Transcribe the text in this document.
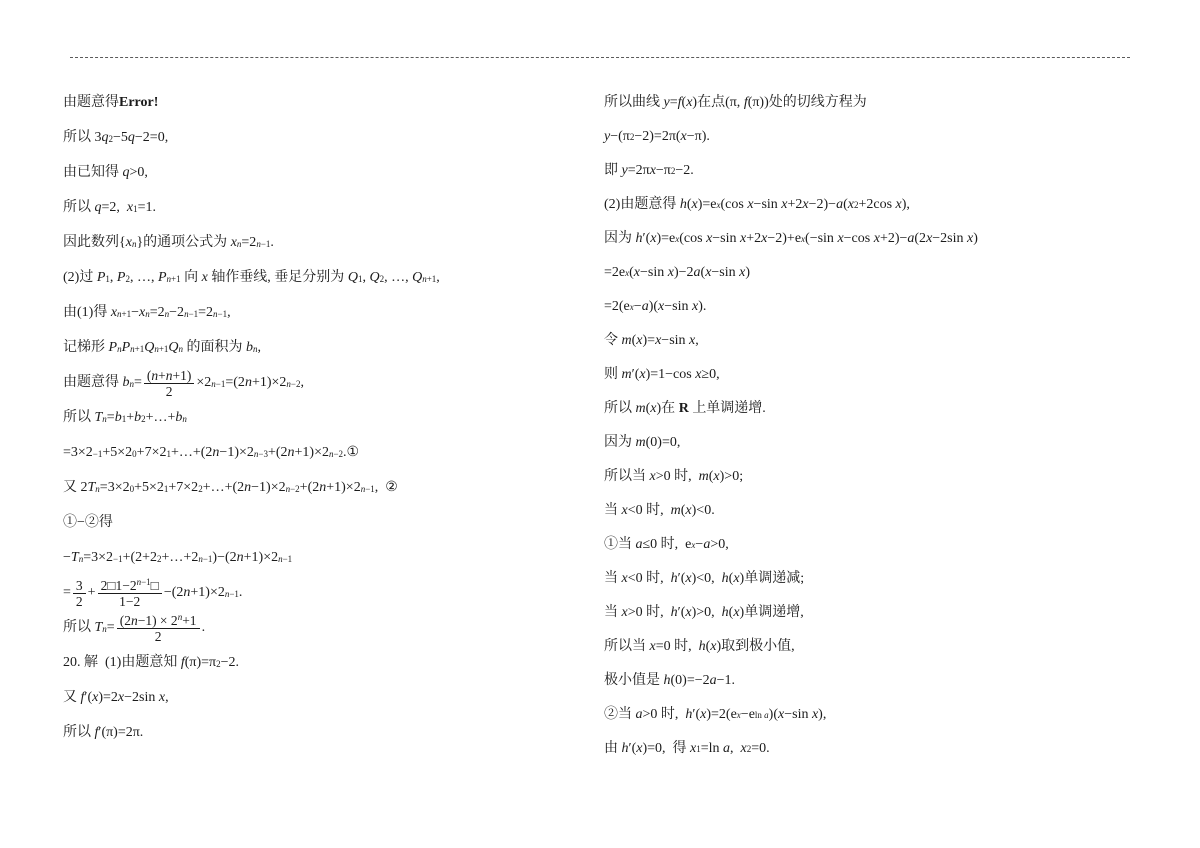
由题意得 Error!
所以 3 q 2 −5 q −2=0,
由已知得 q >0,
所以 q =2, x 1 =1.
因此数列{ x n }的通项公式为 x n =2 n−1 .
(2)过 P 1 , P 2 , …, P n+1 向 x 轴作垂线, 垂足分别为 Q 1 , Q 2 , …, Q n+1 ,
由(1)得 x n+1 − x n =2 n −2 n−1 =2 n−1 ,
记梯形 P n P n+1 Q n+1 Q n 的面积为 b n ,
由题意得 b $n = \frac{(n+n+1)}{2} \times 2$ n−1 =(2 n +1)×2 n−2 ,
所以 T n = b 1 + b 2 +…+ b n
=3×2 −1 +5×2 0 +7×2 1 +…+(2 n −1)×2 n−3 +(2 n +1)×2 n−2 .①
又 2 T n =3×2 0 +5×2 1 +7×2 2 +…+(2 n −1)×2 n−2 +(2 n +1)×2 n−1 ,  ②
①−②得
− T n =3×2 −1 +(2+2 2 +…+2 n−1 )−(2 n +1)×2 n−1
= $\frac{3}{2} + \frac{2□1-2^{n-1}□}{1-2} -(2$ n +1)×2 n−1 .
所以 T $n = \frac{(2n-1) \times 2^n+1}{2}$ .
20. 解  (1)由题意知 f (π)=π 2 −2.
又 f ′( x )=2 x −2sin x ,
所以 f ′(π)=2π.
所以曲线 y = f ( x )在点(π, f (π))处的切线方程为
y −(π 2 −2)=2π( x −π).
即 y =2π x −π 2 −2.
(2)由题意得 h ( x )=e x (cos x −sin x +2 x −2)− a ( x 2 +2cos x ),
因为 h ′( x )=e x (cos x −sin x +2 x −2)+e x (−sin x −cos x +2)− a (2 x −2sin x )
=2e x ( x −sin x )−2 a ( x −sin x )
=2(e x − a )( x −sin x ).
令 m ( x )= x −sin x ,
则 m ′( x )=1−cos x ≥0,
所以 m ( x )在 R 上单调递增.
因为 m (0)=0,
所以当 x >0 时, m ( x )>0;
当 x <0 时, m ( x )<0.
①当 a ≤0 时,  e x − a >0,
当 x <0 时, h ′( x )<0, h ( x )单调递减;
当 x >0 时, h ′( x )>0, h ( x )单调递增,
所以当 x =0 时, h ( x )取到极小值,
极小值是 h (0)=−2 a −1.
②当 a >0 时, h ′( x )=2(e x −e ln a )( x −sin x ),
由 h ′( x )=0,  得 x 1 =ln a , x 2 =0.
